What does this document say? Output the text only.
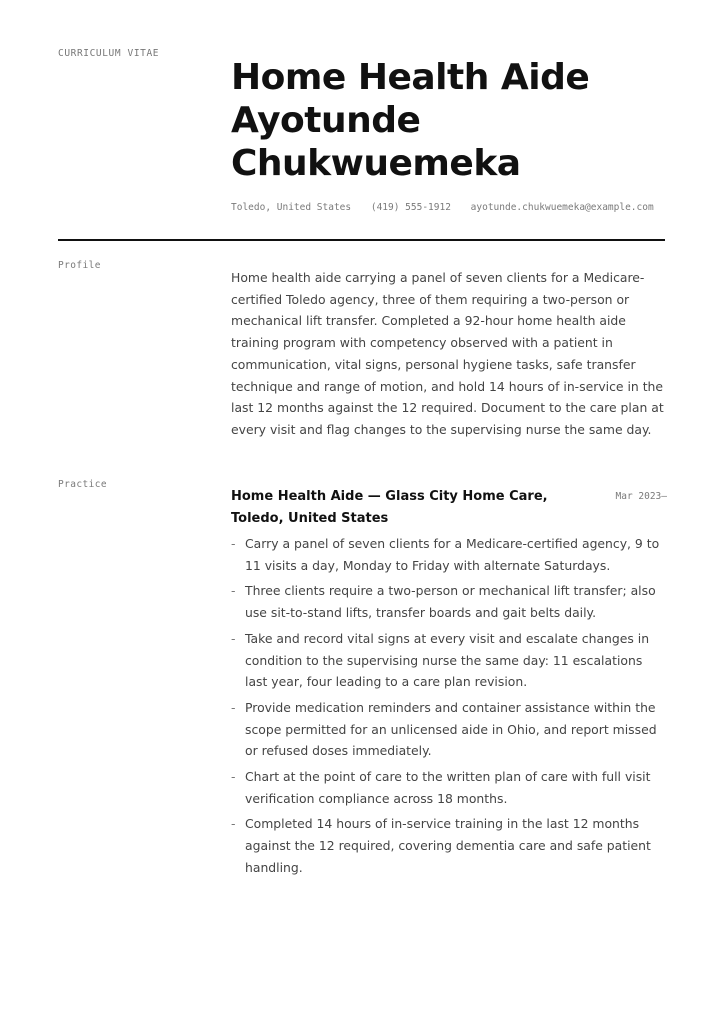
CURRICULUM VITAE
Home Health Aide
Ayotunde
Chukwuemeka
Toledo, United States (419) 555-1912 ayotunde.chukwuemeka@example.com
Profile

Home health aide carrying a panel of seven clients for a Medicare-certified Toledo agency, three of them requiring a two-person or mechanical lift transfer. Completed a 92-hour home health aide training program with competency observed with a patient in communication, vital signs, personal hygiene tasks, safe transfer technique and range of motion, and hold 14 hours of in-service in the last 12 months against the 12 required. Document to the care plan at every visit and flag changes to the supervising nurse the same day.

Practice
Home Health Aide — Glass City Home Care, Toledo, United States
Mar 2023–
- Carry a panel of seven clients for a Medicare-certified agency, 9 to 11 visits a day, Monday to Friday with alternate Saturdays.
- Three clients require a two-person or mechanical lift transfer; also use sit-to-stand lifts, transfer boards and gait belts daily.
- Take and record vital signs at every visit and escalate changes in condition to the supervising nurse the same day: 11 escalations last year, four leading to a care plan revision.
- Provide medication reminders and container assistance within the scope permitted for an unlicensed aide in Ohio, and report missed or refused doses immediately.
- Chart at the point of care to the written plan of care with full visit verification compliance across 18 months.
- Completed 14 hours of in-service training in the last 12 months against the 12 required, covering dementia care and safe patient handling.
